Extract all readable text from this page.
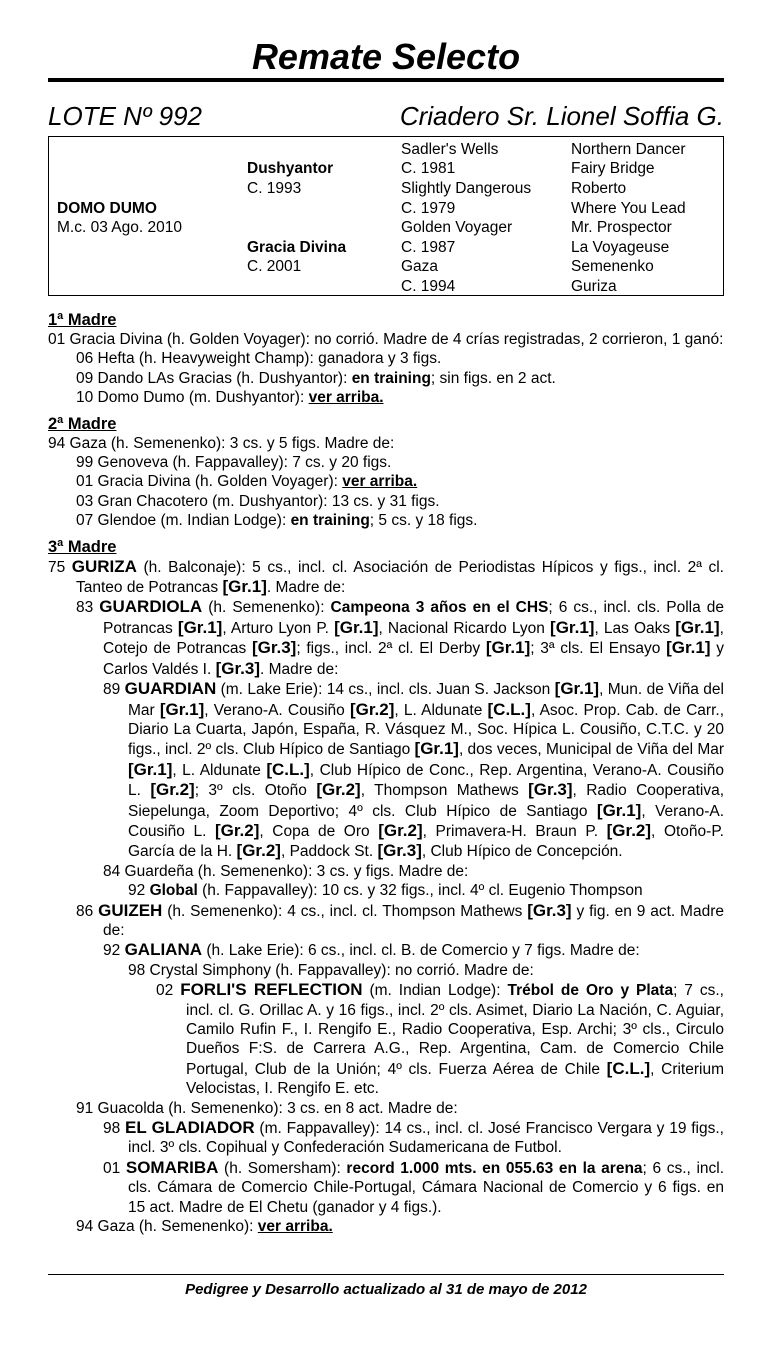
Remate Selecto
LOTE Nº 992	Criadero Sr. Lionel Soffia G.
DOMO DUMO
M.c. 03 Ago. 2010
Dushyantor
C. 1993
Gracia Divina
C. 2001
Sadler's Wells
C. 1981
Slightly Dangerous
C. 1979
Golden Voyager
C. 1987
Gaza
C. 1994
Northern Dancer
Fairy Bridge
Roberto
Where You Lead
Mr. Prospector
La Voyageuse
Semenenko
Guriza
1ª Madre
01 Gracia Divina (h. Golden Voyager): no corrió. Madre de 4 crías registradas, 2 corrieron, 1 ganó:
06 Hefta (h. Heavyweight Champ): ganadora y 3 figs.
09 Dando LAs Gracias (h. Dushyantor): en training; sin figs. en 2 act.
10 Domo Dumo (m. Dushyantor): ver arriba.
2ª Madre
94 Gaza (h. Semenenko): 3 cs. y 5 figs. Madre de:
99 Genoveva (h. Fappavalley): 7 cs. y 20 figs.
01 Gracia Divina (h. Golden Voyager): ver arriba.
03 Gran Chacotero (m. Dushyantor): 13 cs. y 31 figs.
07 Glendoe (m. Indian Lodge): en training; 5 cs. y 18 figs.
3ª Madre
75 GURIZA (h. Balconaje): 5 cs., incl. cl. Asociación de Periodistas Hípicos y figs., incl. 2ª cl. Tanteo de Potrancas [Gr.1]. Madre de:
83 GUARDIOLA (h. Semenenko): Campeona 3 años en el CHS; 6 cs., incl. cls. Polla de Potrancas [Gr.1], Arturo Lyon P. [Gr.1], Nacional Ricardo Lyon [Gr.1], Las Oaks [Gr.1], Cotejo de Potrancas [Gr.3]; figs., incl. 2ª cl. El Derby [Gr.1]; 3ª cls. El Ensayo [Gr.1] y Carlos Valdés I. [Gr.3]. Madre de:
89 GUARDIAN (m. Lake Erie): 14 cs., incl. cls. Juan S. Jackson [Gr.1], Mun. de Viña del Mar [Gr.1], Verano-A. Cousiño [Gr.2], L. Aldunate [C.L.], Asoc. Prop. Cab. de Carr., Diario La Cuarta, Japón, España, R. Vásquez M., Soc. Hípica L. Cousiño, C.T.C. y 20 figs., incl. 2º cls. Club Hípico de Santiago [Gr.1], dos veces, Municipal de Viña del Mar [Gr.1], L. Aldunate [C.L.], Club Hípico de Conc., Rep. Argentina, Verano-A. Cousiño L. [Gr.2]; 3º cls. Otoño [Gr.2], Thompson Mathews [Gr.3], Radio Cooperativa, Siepelunga, Zoom Deportivo; 4º cls. Club Hípico de Santiago [Gr.1], Verano-A. Cousiño L. [Gr.2], Copa de Oro [Gr.2], Primavera-H. Braun P. [Gr.2], Otoño-P. García de la H. [Gr.2], Paddock St. [Gr.3], Club Hípico de Concepción.
84 Guardeña (h. Semenenko): 3 cs. y figs. Madre de:
92 Global (h. Fappavalley): 10 cs. y 32 figs., incl. 4º cl. Eugenio Thompson
86 GUIZEH (h. Semenenko): 4 cs., incl. cl. Thompson Mathews [Gr.3] y fig. en 9 act. Madre de:
92 GALIANA (h. Lake Erie): 6 cs., incl. cl. B. de Comercio y 7 figs. Madre de:
98 Crystal Simphony (h. Fappavalley): no corrió. Madre de:
02 FORLI'S REFLECTION (m. Indian Lodge): Trébol de Oro y Plata; 7 cs., incl. cl. G. Orillac A. y 16 figs., incl. 2º cls. Asimet, Diario La Nación, C. Aguiar, Camilo Rufin F., I. Rengifo E., Radio Cooperativa, Esp. Archi; 3º cls., Circulo Dueños F:S. de Carrera A.G., Rep. Argentina, Cam. de Comercio Chile Portugal, Club de la Unión; 4º cls. Fuerza Aérea de Chile [C.L.], Criterium Velocistas, I. Rengifo E. etc.
91 Guacolda (h. Semenenko): 3 cs. en 8 act. Madre de:
98 EL GLADIADOR (m. Fappavalley): 14 cs., incl. cl. José Francisco Vergara y 19 figs., incl. 3º cls. Copihual y Confederación Sudamericana de Futbol.
01 SOMARIBA (h. Somersham): record 1.000 mts. en 055.63 en la arena; 6 cs., incl. cls. Cámara de Comercio Chile-Portugal, Cámara Nacional de Comercio y 6 figs. en 15 act. Madre de El Chetu (ganador y 4 figs.).
94 Gaza (h. Semenenko): ver arriba.
Pedigree y Desarrollo actualizado al 31 de mayo de 2012
